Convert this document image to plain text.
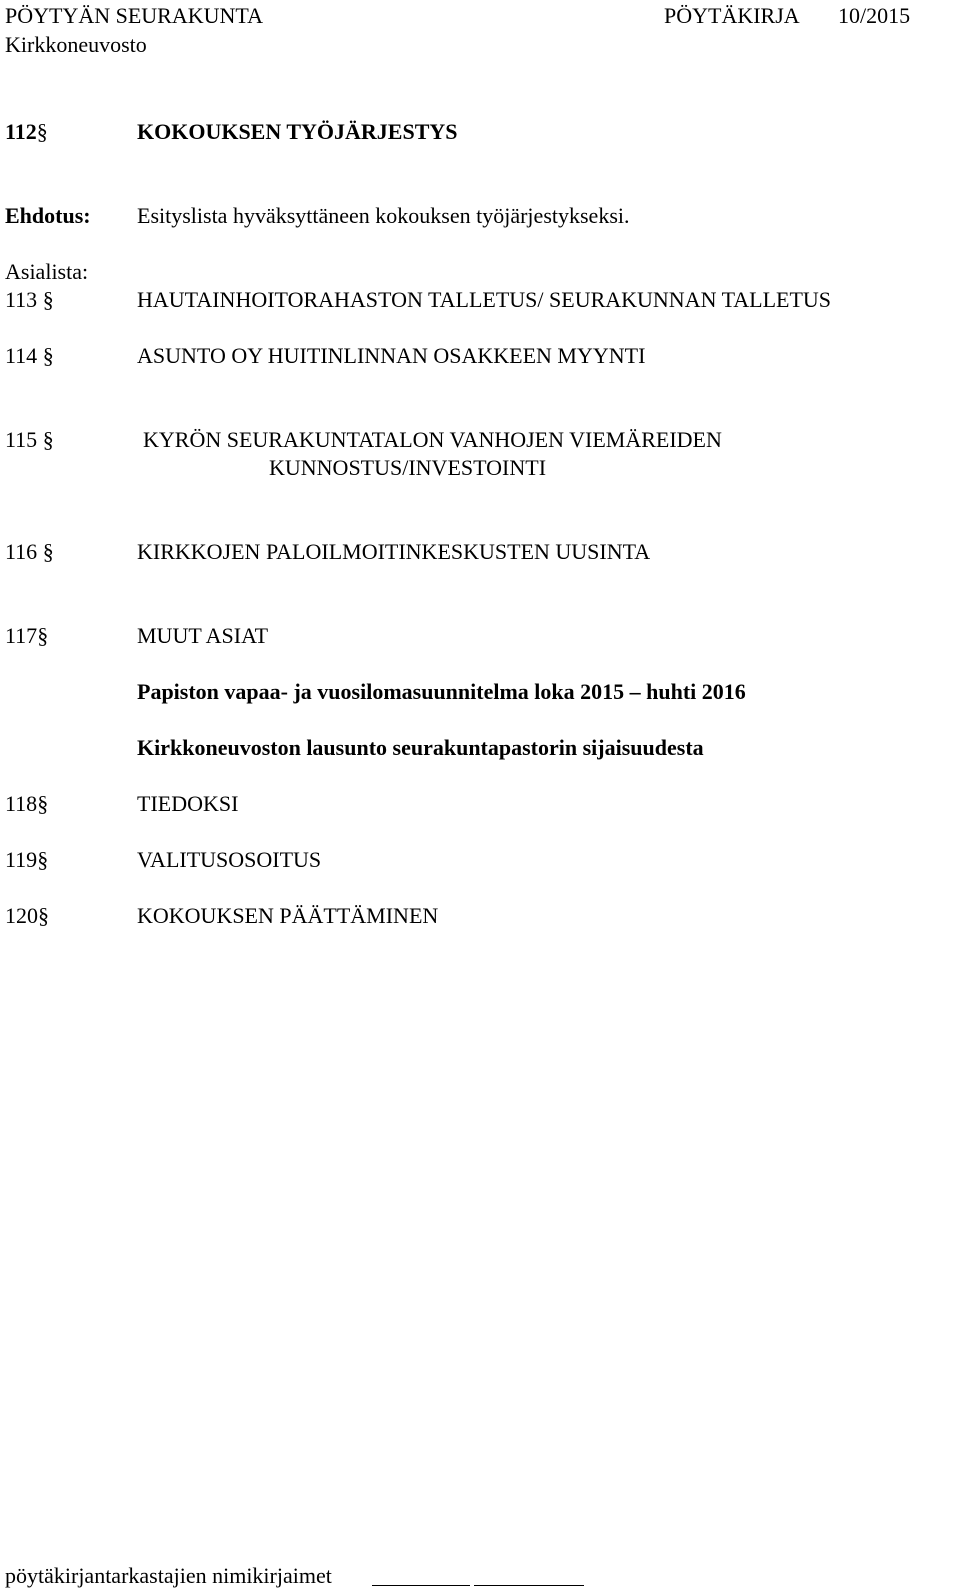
PÖYTYÄN SEURAKUNTA	PÖYTÄKIRJA 10/2015
Kirkkoneuvosto
112§	KOKOUKSEN TYÖJÄRJESTYS
Ehdotus: Esityslista hyväksyttäneen kokouksen työjärjestykseksi.
Asialista:
113 §	HAUTAINHOITORAHASTON TALLETUS/ SEURAKUNNAN TALLETUS
114 §	ASUNTO OY HUITINLINNAN OSAKKEEN MYYNTI
115 §	KYRÖN SEURAKUNTATALON VANHOJEN VIEMÄREIDEN
KUNNOSTUS/INVESTOINTI
116 §	KIRKKOJEN PALOILMOITINKESKUSTEN UUSINTA
117§	MUUT ASIAT
Papiston vapaa- ja vuosilomasuunnitelma loka 2015 – huhti 2016
Kirkkoneuvoston lausunto seurakuntapastorin sijaisuudesta
118§	TIEDOKSI
119§	VALITUSOSOITUS
120§	KOKOUKSEN PÄÄTTÄMINEN
pöytäkirjantarkastajien nimikirjaimet
